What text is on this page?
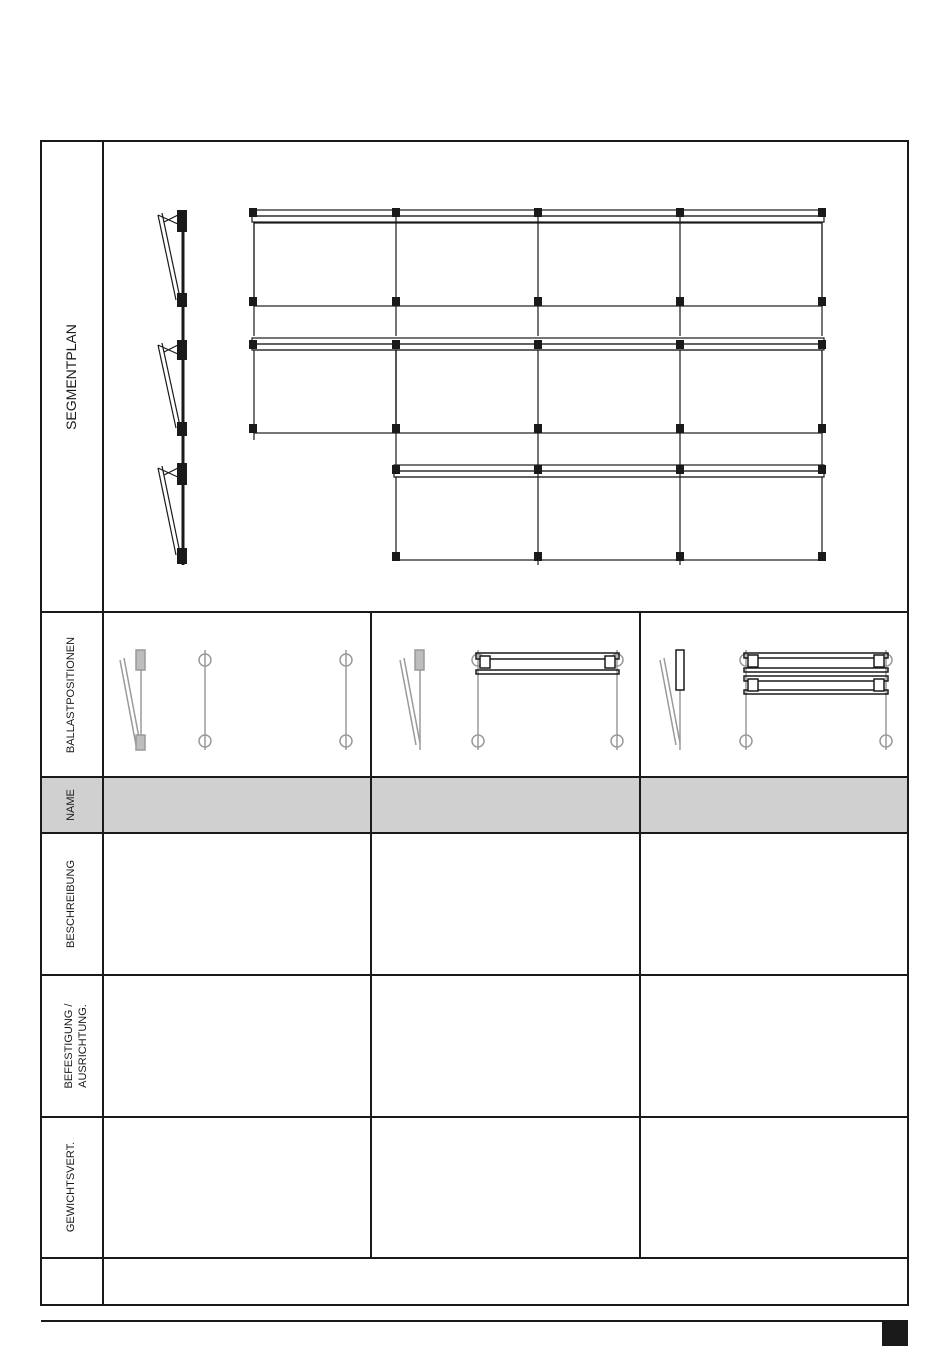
SEGMENTPLAN
BALLASTPOSITIONEN
NAME
BESCHREIBUNG
BEFESTIGUNG / AUSRICHTUNG.
GEWICHTSVERT.
